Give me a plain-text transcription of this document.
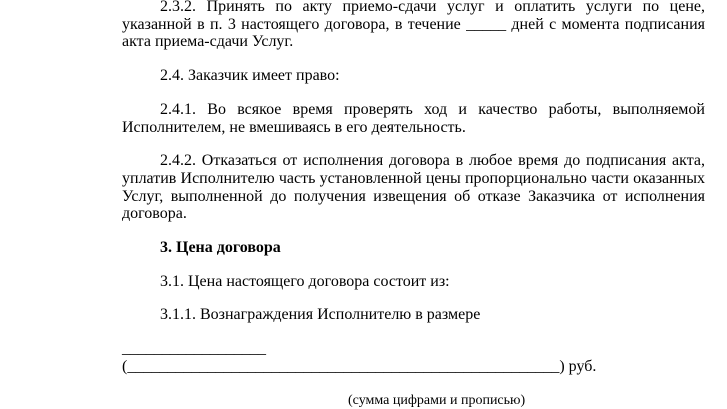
2.3.2. Принять по акту приемо-сдачи услуг и оплатить услуги по цене,
указанной в п. 3 настоящего договора, в течение _____ дней с момента подписания
акта приема-сдачи Услуг.
2.4. Заказчик имеет право:
2.4.1. Во всякое время проверять ход и качество работы, выполняемой
Исполнителем, не вмешиваясь в его деятельность.
2.4.2. Отказаться от исполнения договора в любое время до подписания акта,
уплатив Исполнителю часть установленной цены пропорционально части оказанных
Услуг, выполненной до получения извещения об отказе Заказчика от исполнения
договора.
3. Цена договора
3.1. Цена настоящего договора состоит из:
3.1.1. Вознаграждения Исполнителю в размере
__________________
(______________________________________________________) руб.
(сумма цифрами и прописью)
